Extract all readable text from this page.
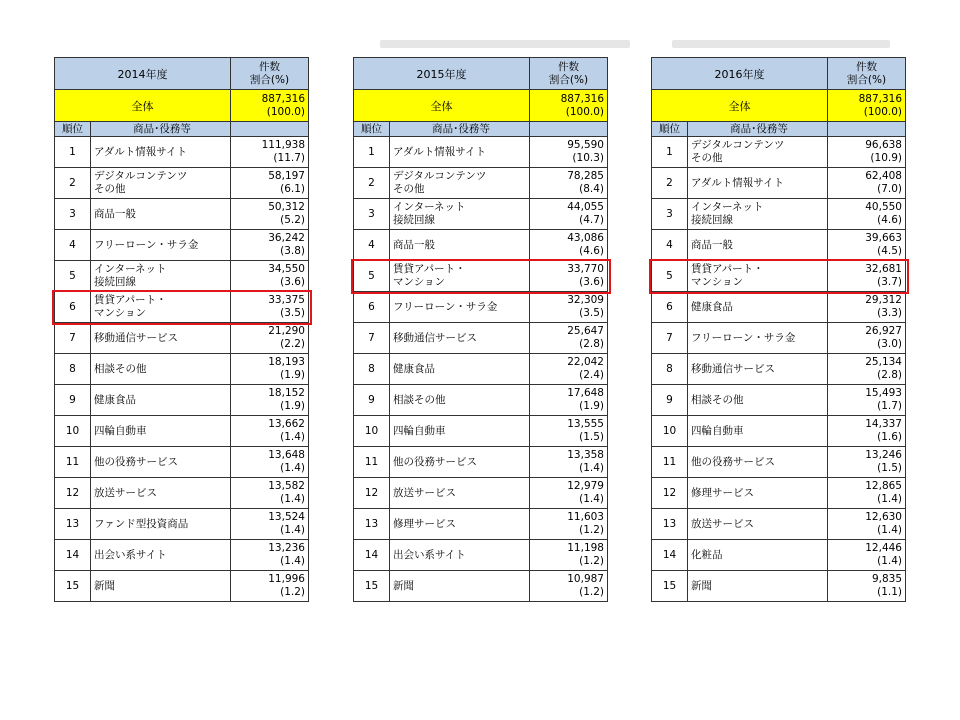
2014年度		件数
割合(%)

全体		887,316
(100.0)

順位	商品･役務等	
1	アダルト情報サイト	111,938
(11.7)

2	デジタルコンテンツ
その他	58,197
(6.1)

3	商品一般	50,312
(5.2)

4	フリーローン・サラ金	36,242
(3.8)

5	インターネット
接続回線	34,550
(3.6)

6	賃貸アパート・
マンション	33,375
(3.5)

7	移動通信サービス	21,290
(2.2)

8	相談その他	18,193
(1.9)

9	健康食品	18,152
(1.9)

10	四輪自動車	13,662
(1.4)

11	他の役務サービス	13,648
(1.4)

12	放送サービス	13,582
(1.4)

13	ファンド型投資商品	13,524
(1.4)

14	出会い系サイト	13,236
(1.4)

15	新聞	11,996
(1.2)
2015年度		件数
割合(%)

全体		887,316
(100.0)

順位	商品･役務等	
1	アダルト情報サイト	95,590
(10.3)

2	デジタルコンテンツ
その他	78,285
(8.4)

3	インターネット
接続回線	44,055
(4.7)

4	商品一般	43,086
(4.6)

5	賃貸アパート・
マンション	33,770
(3.6)

6	フリーローン・サラ金	32,309
(3.5)

7	移動通信サービス	25,647
(2.8)

8	健康食品	22,042
(2.4)

9	相談その他	17,648
(1.9)

10	四輪自動車	13,555
(1.5)

11	他の役務サービス	13,358
(1.4)

12	放送サービス	12,979
(1.4)

13	修理サービス	11,603
(1.2)

14	出会い系サイト	11,198
(1.2)

15	新聞	10,987
(1.2)
2016年度		件数
割合(%)

全体		887,316
(100.0)

順位	商品･役務等	
1	デジタルコンテンツ
その他	96,638
(10.9)

2	アダルト情報サイト	62,408
(7.0)

3	インターネット
接続回線	40,550
(4.6)

4	商品一般	39,663
(4.5)

5	賃貸アパート・
マンション	32,681
(3.7)

6	健康食品	29,312
(3.3)

7	フリーローン・サラ金	26,927
(3.0)

8	移動通信サービス	25,134
(2.8)

9	相談その他	15,493
(1.7)

10	四輪自動車	14,337
(1.6)

11	他の役務サービス	13,246
(1.5)

12	修理サービス	12,865
(1.4)

13	放送サービス	12,630
(1.4)

14	化粧品	12,446
(1.4)

15	新聞	9,835
(1.1)
